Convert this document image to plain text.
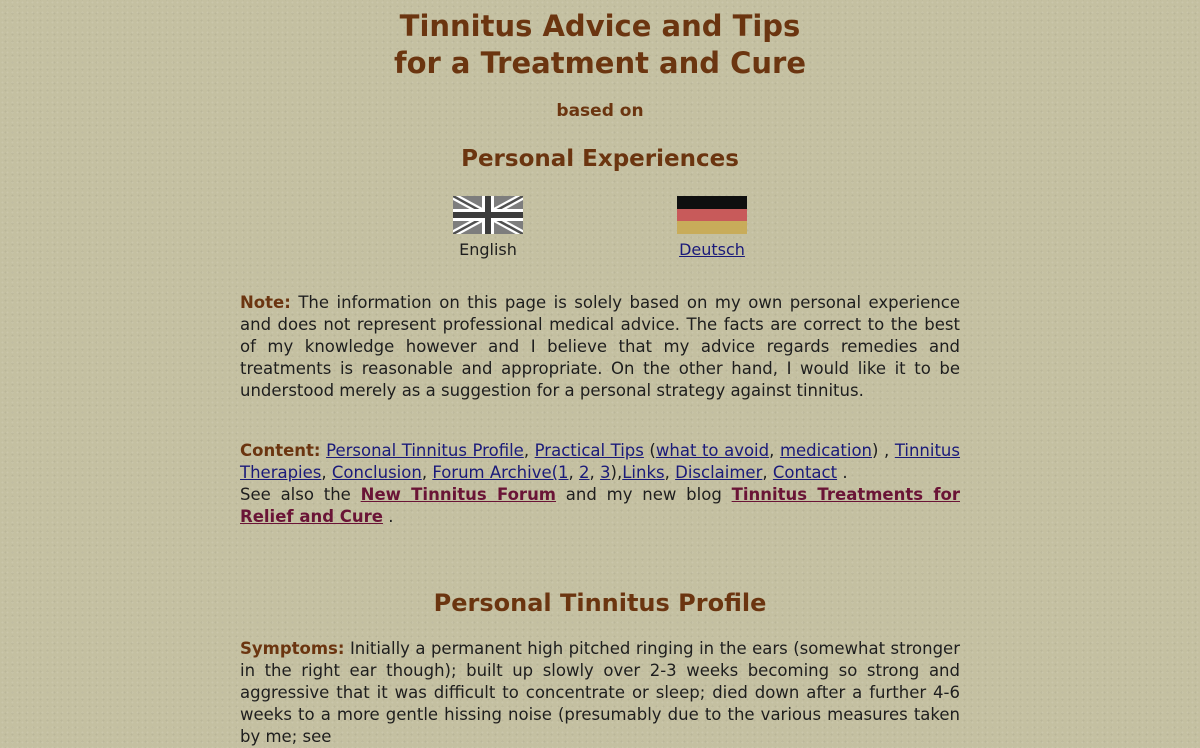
Tinnitus Advice and Tips
for a Treatment and Cure

based on

Personal Experiences
English	Deutsch

Note: The information on this page is solely based on my own personal experience and does not represent professional medical advice. The facts are correct to the best of my knowledge however and I believe that my advice regards remedies and treatments is reasonable and appropriate. On the other hand, I would like it to be understood merely as a suggestion for a personal strategy against tinnitus.

Content: Personal Tinnitus Profile, Practical Tips (what to avoid, medication) , Tinnitus Therapies, Conclusion, Forum Archive(1, 2, 3),Links, Disclaimer, Contact .
See also the New Tinnitus Forum and my new blog Tinnitus Treatments for Relief and Cure .

Personal Tinnitus Profile

Symptoms: Initially a permanent high pitched ringing in the ears (somewhat stronger in the right ear though); built up slowly over 2-3 weeks becoming so strong and aggressive that it was difficult to concentrate or sleep; died down after a further 4-6 weeks to a more gentle hissing noise (presumably due to the various measures taken by me; see
